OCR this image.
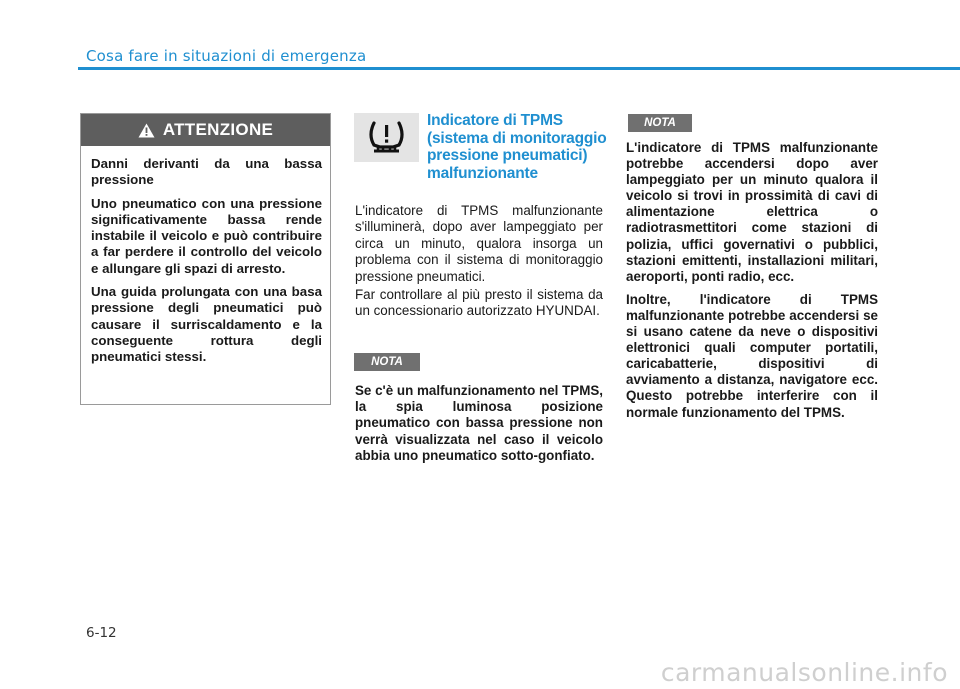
Cosa fare in situazioni di emergenza
ATTENZIONE

Danni derivanti da una bassa pressione

Uno pneumatico con una pressione significativamente bassa rende instabile il veicolo e può contribuire a far perdere il controllo del veicolo e allungare gli spazi di arresto.

Una guida prolungata con una basa pressione degli pneumatici può causare il surriscaldamento e la conseguente rottura degli pneumatici stessi.

Indicatore di TPMS (sistema di monitoraggio pressione pneumatici) malfunzionante
L'indicatore di TPMS malfunzionante s'illuminerà, dopo aver lampeggiato per circa un minuto, qualora insorga un problema con il sistema di monitoraggio pressione pneumatici.
Far controllare al più presto il sistema da un concessionario autorizzato HYUNDAI.
NOTA
Se c'è un malfunzionamento nel TPMS, la spia luminosa posizione pneumatico con bassa pressione non verrà visualizzata nel caso il veicolo abbia uno pneumatico sotto-gonfiato.
NOTA

L'indicatore di TPMS malfunzionante potrebbe accendersi dopo aver lampeggiato per un minuto qualora il veicolo si trovi in prossimità di cavi di alimentazione elettrica o radiotrasmettitori come stazioni di polizia, uffici governativi o pubblici, stazioni emittenti, installazioni militari, aeroporti, ponti radio, ecc.

Inoltre, l'indicatore di TPMS malfunzionante potrebbe accendersi se si usano catene da neve o dispositivi elettronici quali computer portatili, caricabatterie, dispositivi di avviamento a distanza, navigatore ecc. Questo potrebbe interferire con il normale funzionamento del TPMS.

6-12
carmanualsonline.info
